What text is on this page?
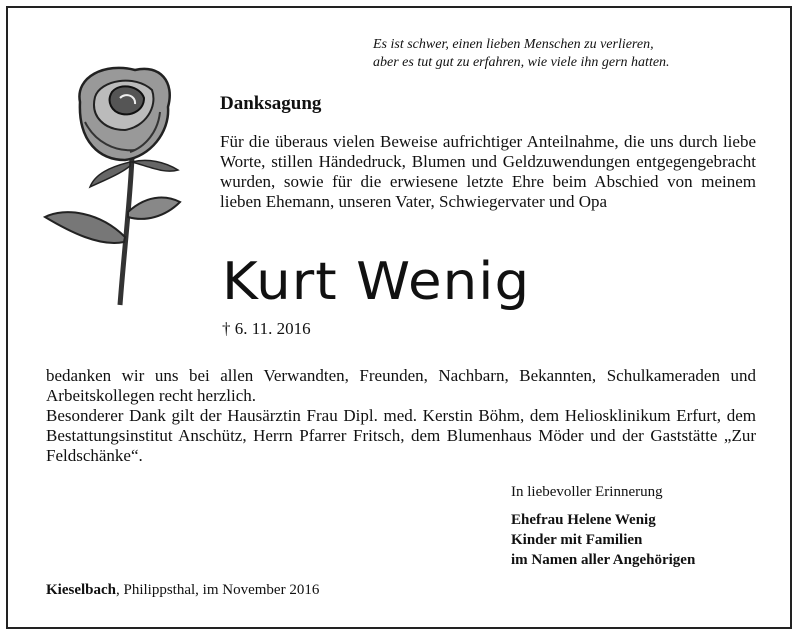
Es ist schwer, einen lieben Menschen zu verlieren,
aber es tut gut zu erfahren, wie viele ihn gern hatten.
Danksagung

Für die überaus vielen Beweise aufrichtiger Anteilnahme, die uns durch liebe Worte, stillen Händedruck, Blumen und Geldzuwendungen entgegengebracht wurden, sowie für die erwiesene letzte Ehre beim Abschied von meinem lieben Ehemann, unseren Vater, Schwiegervater und Opa

Kurt Wenig
† 6. 11. 2016

bedanken wir uns bei allen Verwandten, Freunden, Nachbarn, Bekannten, Schulkameraden und Arbeitskollegen recht herzlich.

Besonderer Dank gilt der Hausärztin Frau Dipl. med. Kerstin Böhm, dem Heliosklinikum Erfurt, dem Bestattungsinstitut Anschütz, Herrn Pfarrer Fritsch, dem Blumenhaus Möder und der Gaststätte „Zur Feldschänke“.

In liebevoller Erinnerung
Ehefrau Helene Wenig
Kinder mit Familien
im Namen aller Angehörigen
Kieselbach, Philippsthal, im November 2016
